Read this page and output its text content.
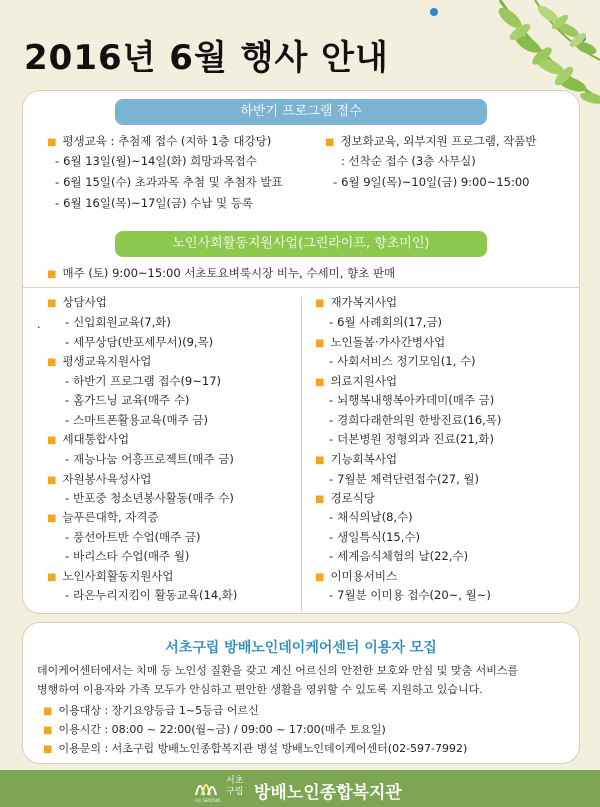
2016년 6월 행사 안내
하반기 프로그램 접수
■ 평생교육 : 추첨제 접수 (지하 1층 대강당)
- 6월 13일(월)~14일(화) 희망과목접수
- 6월 15일(수) 초과과목 추첨 및 추첨자 발표
- 6월 16일(목)~17일(금) 수납 및 등록
■ 정보화교육, 외부지원 프로그램, 작품반
: 선착순 접수 (3층 사무실)
- 6월 9일(목)~10일(금) 9:00~15:00
노인사회활동지원사업(그린라이프, 향초미인)
■ 매주 (토) 9:00~15:00 서초토요벼룩시장 비누, 수세미, 향초 판매
.
■ 상담사업
- 신입회원교육(7,화)
- 세무상담(반포세무서)(9,목)
■ 평생교육지원사업
- 하반기 프로그램 접수(9~17)
- 홈가드닝 교육(매주 수)
- 스마트폰활용교육(매주 금)
■ 세대통합사업
- 재능나눔 어흥프로젝트(매주 금)
■ 자원봉사육성사업
- 반포중 청소년봉사활동(매주 수)
■ 늘푸른대학, 자격증
- 풍선아트반 수업(매주 금)
- 바리스타 수업(매주 월)
■ 노인사회활동지원사업
- 라온누리지킴이 활동교육(14,화)
■ 재가복지사업
- 6월 사례회의(17,금)
■ 노인돌봄·가사간병사업
- 사회서비스 정기모임(1, 수)
■ 의료지원사업
- 뇌행복내행복아카데미(매주 금)
- 경희다래한의원 한방진료(16,목)
- 더본병원 정형외과 진료(21,화)
■ 기능회복사업
- 7월분 체력단련접수(27, 월)
■ 경로식당
- 채식의날(8,수)
- 생일특식(15,수)
- 세계음식체험의 날(22,수)
■ 이미용서비스
- 7월분 이미용 접수(20~, 월~)
서초구립 방배노인데이케어센터 이용자 모집
데이케어센터에서는 치매 등 노인성 질환을 갖고 계신 어르신의 안전한 보호와 안심 및 맞춤 서비스를
병행하여 이용자와 가족 모두가 안심하고 편안한 생활을 영위할 수 있도록 지원하고 있습니다.
■ 이용대상 : 장기요양등급 1~5등급 어르신
■ 이용시간 : 08:00 ~ 22:00(월~금) / 09:00 ~ 17:00(매주 토요일)
■ 이용문의 : 서초구립 방배노인종합복지관 병설 방배노인데이케어센터(02-597-7992)
서초 SEOCHO
서초
구립 방배노인종합복지관
